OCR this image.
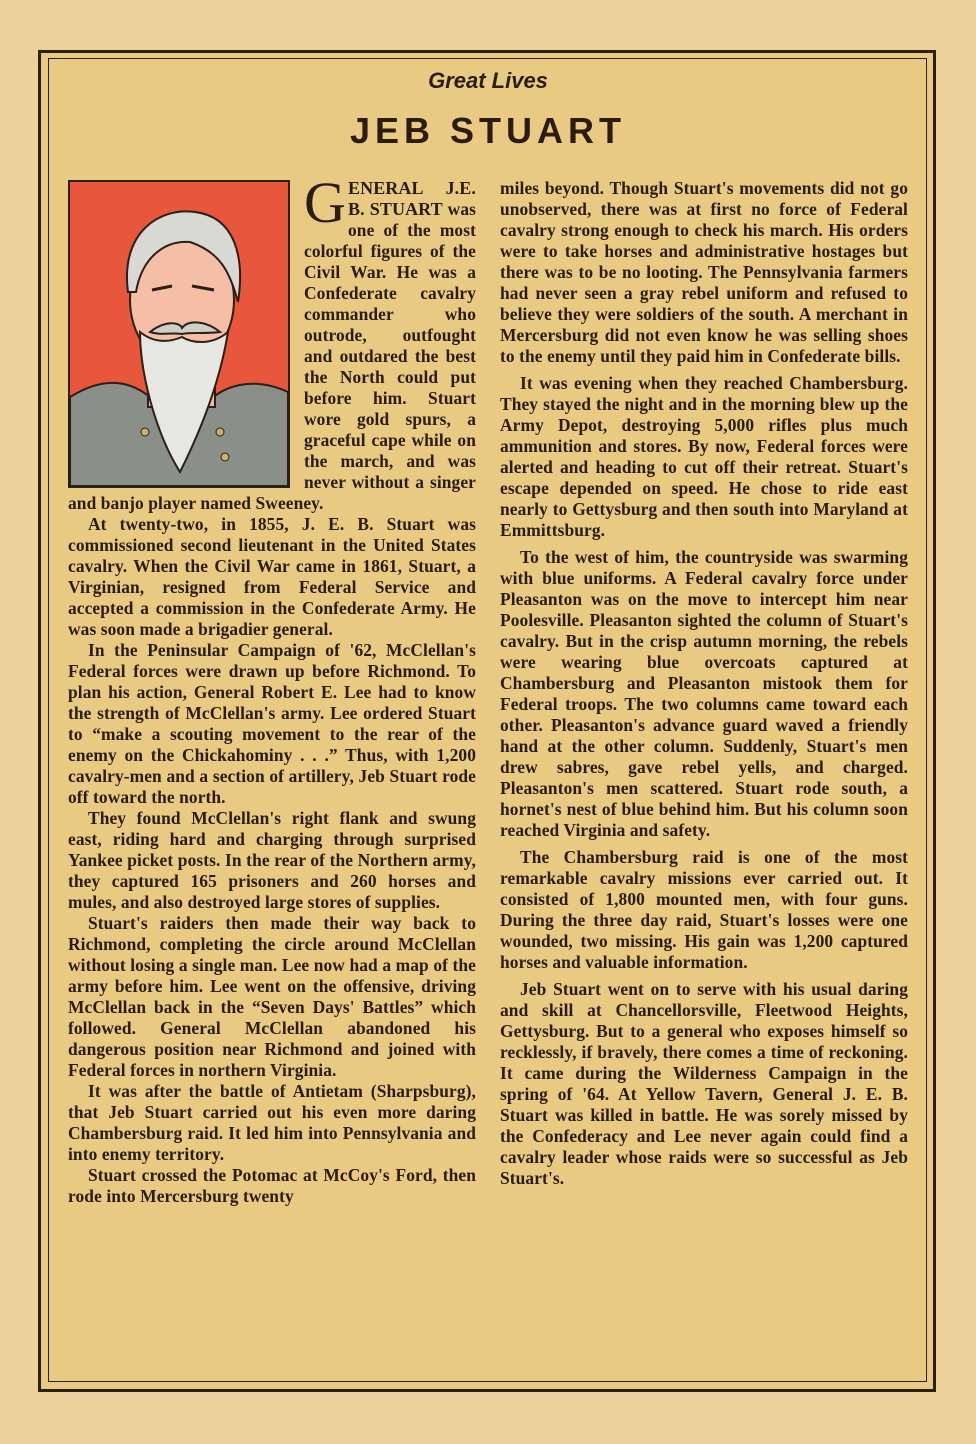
Great Lives
JEB STUART

GENERAL J.E. B. STUART was one of the most colorful figures of the Civil War. He was a Confederate cavalry commander who outrode, outfought and outdared the best the North could put before him. Stuart wore gold spurs, a graceful cape while on the march, and was never without a singer and banjo player named Sweeney.

At twenty-two, in 1855, J. E. B. Stuart was commissioned second lieutenant in the United States cavalry. When the Civil War came in 1861, Stuart, a Virginian, resigned from Federal Service and accepted a commission in the Confederate Army. He was soon made a brigadier general.

In the Peninsular Campaign of '62, McClellan's Federal forces were drawn up before Richmond. To plan his action, General Robert E. Lee had to know the strength of McClellan's army. Lee ordered Stuart to “make a scouting movement to the rear of the enemy on the Chickahominy . . .” Thus, with 1,200 cavalry-men and a section of artillery, Jeb Stuart rode off toward the north.

They found McClellan's right flank and swung east, riding hard and charging through surprised Yankee picket posts. In the rear of the Northern army, they captured 165 prisoners and 260 horses and mules, and also destroyed large stores of supplies.

Stuart's raiders then made their way back to Richmond, completing the circle around McClellan without losing a single man. Lee now had a map of the army before him. Lee went on the offensive, driving McClellan back in the “Seven Days' Battles” which followed. General McClellan abandoned his dangerous position near Richmond and joined with Federal forces in northern Virginia.

It was after the battle of Antietam (Sharpsburg), that Jeb Stuart carried out his even more daring Chambersburg raid. It led him into Pennsylvania and into enemy territory.

Stuart crossed the Potomac at McCoy's Ford, then rode into Mercersburg twenty

miles beyond. Though Stuart's movements did not go unobserved, there was at first no force of Federal cavalry strong enough to check his march. His orders were to take horses and administrative hostages but there was to be no looting. The Pennsylvania farmers had never seen a gray rebel uniform and refused to believe they were soldiers of the south. A merchant in Mercersburg did not even know he was selling shoes to the enemy until they paid him in Confederate bills.

It was evening when they reached Chambersburg. They stayed the night and in the morning blew up the Army Depot, destroying 5,000 rifles plus much ammunition and stores. By now, Federal forces were alerted and heading to cut off their retreat. Stuart's escape depended on speed. He chose to ride east nearly to Gettysburg and then south into Maryland at Emmittsburg.

To the west of him, the countryside was swarming with blue uniforms. A Federal cavalry force under Pleasanton was on the move to intercept him near Poolesville. Pleasanton sighted the column of Stuart's cavalry. But in the crisp autumn morning, the rebels were wearing blue overcoats captured at Chambersburg and Pleasanton mistook them for Federal troops. The two columns came toward each other. Pleasanton's advance guard waved a friendly hand at the other column. Suddenly, Stuart's men drew sabres, gave rebel yells, and charged. Pleasanton's men scattered. Stuart rode south, a hornet's nest of blue behind him. But his column soon reached Virginia and safety.

The Chambersburg raid is one of the most remarkable cavalry missions ever carried out. It consisted of 1,800 mounted men, with four guns. During the three day raid, Stuart's losses were one wounded, two missing. His gain was 1,200 captured horses and valuable information.

Jeb Stuart went on to serve with his usual daring and skill at Chancellorsville, Fleetwood Heights, Gettysburg. But to a general who exposes himself so recklessly, if bravely, there comes a time of reckoning. It came during the Wilderness Campaign in the spring of '64. At Yellow Tavern, General J. E. B. Stuart was killed in battle. He was sorely missed by the Confederacy and Lee never again could find a cavalry leader whose raids were so successful as Jeb Stuart's.
